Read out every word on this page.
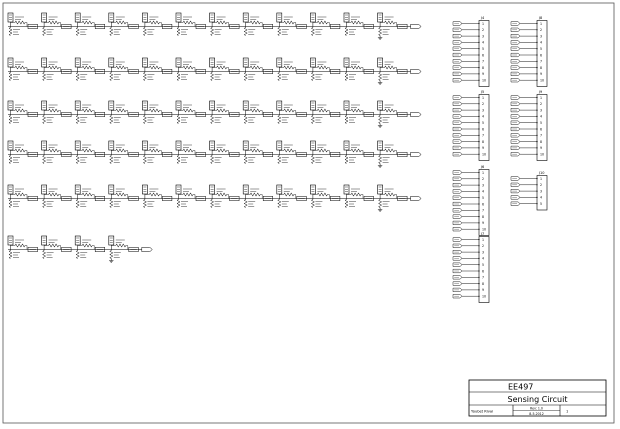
J4
1
2
3
4
5
6
7
8
9
10
J8
1
2
3
4
5
6
7
8
9
10
J5
1
2
3
4
5
6
7
8
9
10
J9
1
2
3
4
5
6
7
8
9
10
J6
1
2
3
4
5
6
7
8
9
10
J10
1
2
3
4
5
J7
1
2
3
4
5
6
7
8
9
10
EE497
Sensing Circuit
Youbet Rivai
Rev: 1.0
8-5-2012
1
